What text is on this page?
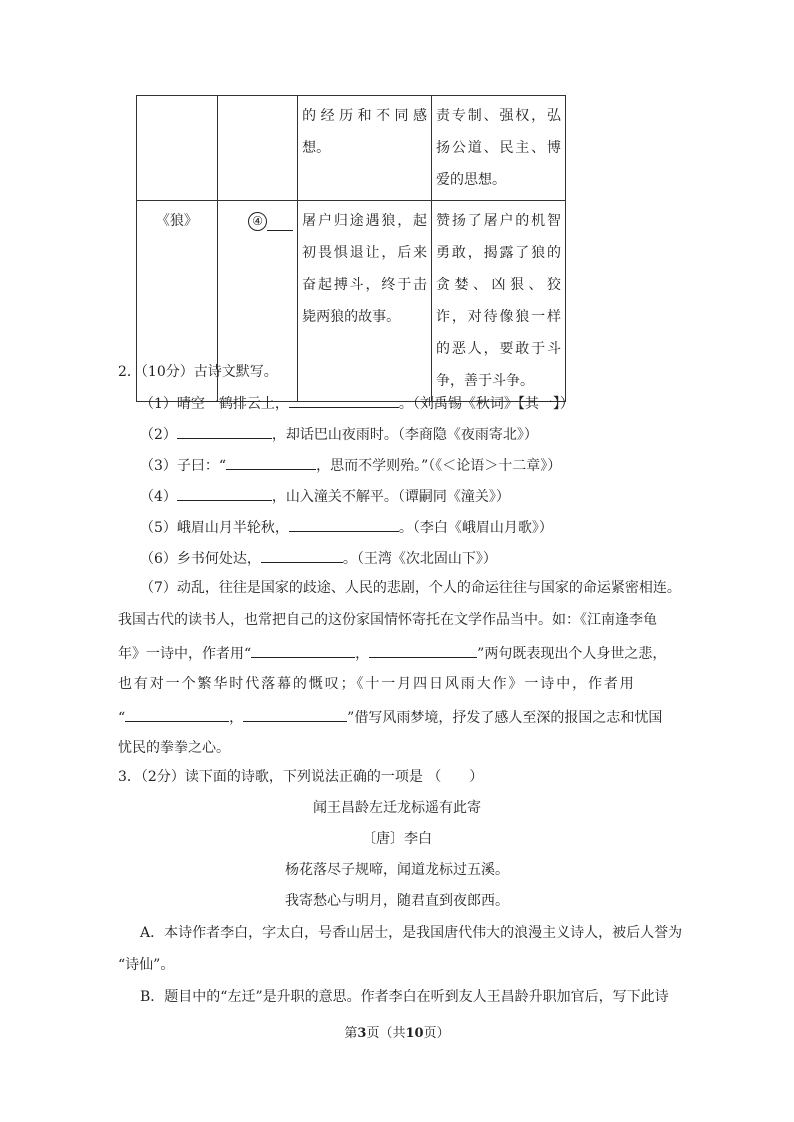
		的经历和不同感想。	责专制、强权，弘扬公道、民主、博爱的思想。
《狼》	④	屠户归途遇狼，起初畏惧退让，后来奋起搏斗，终于击毙两狼的故事。	赞扬了屠户的机智勇敢，揭露了狼的贪婪、凶狠、狡诈，对待像狼一样的恶人，要敢于斗争，善于斗争。
2．（10分）古诗文默写。
（1）晴空一鹤排云上，	。（刘禹锡《秋词》【其一】）
（2）	，却话巴山夜雨时。（李商隐《夜雨寄北》）
（3）子曰：“	，思而不学则殆。”（《＜论语＞十二章》）
（4）	，山入潼关不解平。（谭嗣同《潼关》）
（5）峨眉山月半轮秋，	。（李白《峨眉山月歌》）
（6）乡书何处达，	。（王湾《次北固山下》）
（7）动乱，往往是国家的歧途、人民的悲剧，个人的命运往往与国家的命运紧密相连。
我国古代的读书人，也常把自己的这份家国情怀寄托在文学作品当中。如：《江南逢李龟
年》一诗中，作者用“	，	”两句既表现出个人身世之悲，
也有对一个繁华时代落幕的慨叹；《十一月四日风雨大作》一诗中，作者用
“	，	”借写风雨梦境，抒发了感人至深的报国之志和忧国
忧民的拳拳之心。
3．（2分）读下面的诗歌，下列说法正确的一项是 （　　）
闻王昌龄左迁龙标遥有此寄
〔唐〕李白
杨花落尽子规啼，闻道龙标过五溪。
我寄愁心与明月，随君直到夜郎西。
A．本诗作者李白，字太白，号香山居士，是我国唐代伟大的浪漫主义诗人，被后人誉为
“诗仙”。
B．题目中的“左迁”是升职的意思。作者李白在听到友人王昌龄升职加官后，写下此诗
第3页（共10页）
